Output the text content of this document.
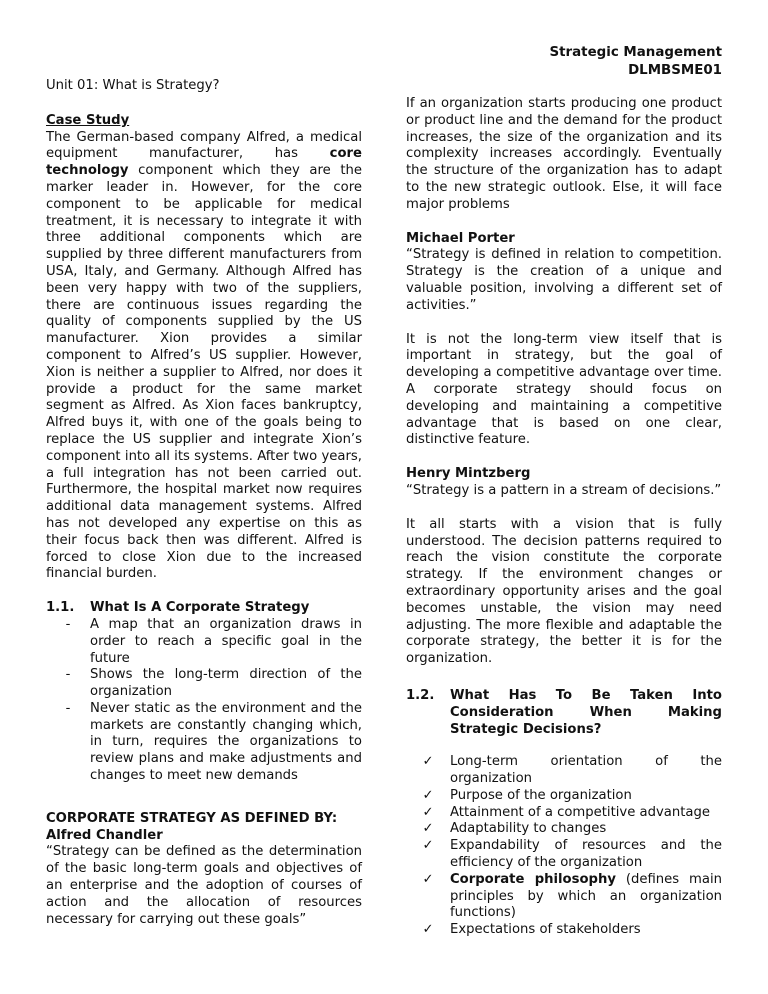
Strategic Management
DLMBSME01

Unit 01: What is Strategy?

Case Study

The German-based company Alfred, a medical equipment manufacturer, has core technology component which they are the marker leader in. However, for the core component to be applicable for medical treatment, it is necessary to integrate it with three additional components which are supplied by three different manufacturers from USA, Italy, and Germany. Although Alfred has been very happy with two of the suppliers, there are continuous issues regarding the quality of components supplied by the US manufacturer. Xion provides a similar component to Alfred’s US supplier. However, Xion is neither a supplier to Alfred, nor does it provide a product for the same market segment as Alfred. As Xion faces bankruptcy, Alfred buys it, with one of the goals being to replace the US supplier and integrate Xion’s component into all its systems. After two years, a full integration has not been carried out. Furthermore, the hospital market now requires additional data management systems. Alfred has not developed any expertise on this as their focus back then was different. Alfred is forced to close Xion due to the increased financial burden.

1.1.	What Is A Corporate Strategy
-	A map that an organization draws in order to reach a specific goal in the future
-	Shows the long-term direction of the organization
-	Never static as the environment and the markets are constantly changing which, in turn, requires the organizations to review plans and make adjustments and changes to meet new demands

CORPORATE STRATEGY AS DEFINED BY:

Alfred Chandler

“Strategy can be defined as the determination of the basic long-term goals and objectives of an enterprise and the adoption of courses of action and the allocation of resources necessary for carrying out these goals”

If an organization starts producing one product or product line and the demand for the product increases, the size of the organization and its complexity increases accordingly. Eventually the structure of the organization has to adapt to the new strategic outlook. Else, it will face major problems

Michael Porter

“Strategy is defined in relation to competition. Strategy is the creation of a unique and valuable position, involving a different set of activities.”

It is not the long-term view itself that is important in strategy, but the goal of developing a competitive advantage over time. A corporate strategy should focus on developing and maintaining a competitive advantage that is based on one clear, distinctive feature.

Henry Mintzberg

“Strategy is a pattern in a stream of decisions.”

It all starts with a vision that is fully understood. The decision patterns required to reach the vision constitute the corporate strategy. If the environment changes or extraordinary opportunity arises and the goal becomes unstable, the vision may need adjusting. The more flexible and adaptable the corporate strategy, the better it is for the organization.

1.2.	What Has To Be Taken Into Consideration When Making Strategic Decisions?
✓	Long-term orientation of the organization
✓	Purpose of the organization
✓	Attainment of a competitive advantage
✓	Adaptability to changes
✓	Expandability of resources and the efficiency of the organization
✓	Corporate philosophy (defines main principles by which an organization functions)
✓	Expectations of stakeholders
